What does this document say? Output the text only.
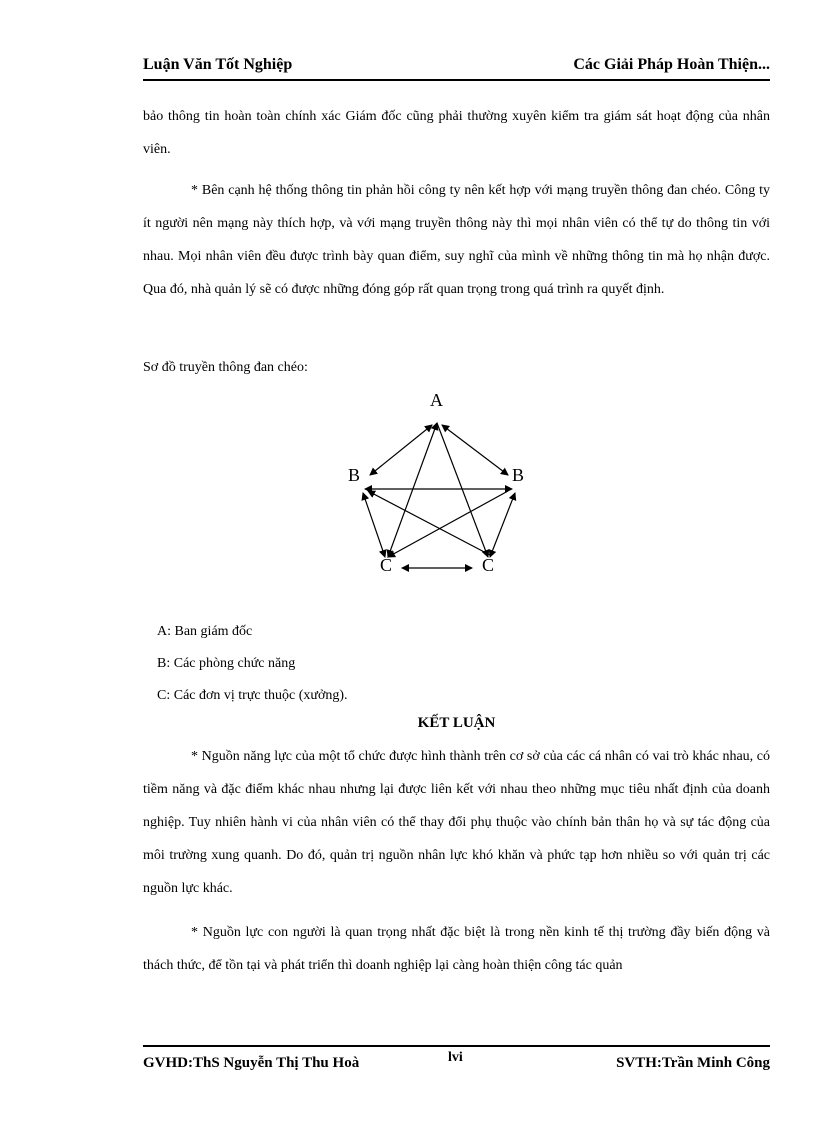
Luận Văn Tốt Nghiệp	Các Giải Pháp Hoàn Thiện...
bảo thông tin hoàn toàn chính xác Giám đốc cũng phải thường xuyên kiểm tra giám sát hoạt động của nhân viên.
* Bên cạnh hệ thống thông tin phản hồi công ty nên kết hợp với mạng truyền thông đan chéo. Công ty ít người nên mạng này thích hợp, và với mạng truyền thông này thì mọi nhân viên có thể tự do thông tin với nhau. Mọi nhân viên đều được trình bày quan điểm, suy nghĩ của mình về những thông tin mà họ nhận được. Qua đó, nhà quản lý sẽ có được những đóng góp rất quan trọng trong quá trình ra quyết định.
Sơ đồ truyền thông đan chéo:
A
B	B
C	C
A: Ban giám đốc
B: Các phòng chức năng
C: Các đơn vị trực thuộc (xưởng).
KẾT LUẬN
* Nguồn năng lực của một tổ chức được hình thành trên cơ sở của các cá nhân có vai trò khác nhau, có tiềm năng và đặc điểm khác nhau nhưng lại được liên kết với nhau theo những mục tiêu nhất định của doanh nghiệp. Tuy nhiên hành vi của nhân viên có thể thay đổi phụ thuộc vào chính bản thân họ và sự tác động của môi trường xung quanh. Do đó, quản trị nguồn nhân lực khó khăn và phức tạp hơn nhiều so với quản trị các nguồn lực khác.
* Nguồn lực con người là quan trọng nhất đặc biệt là trong nền kinh tế thị trường đầy biến động và thách thức, để tồn tại và phát triển thì doanh nghiệp lại càng hoàn thiện công tác quản
GVHD:ThS Nguyễn Thị Thu Hoà	lvi	SVTH:Trần Minh Công
